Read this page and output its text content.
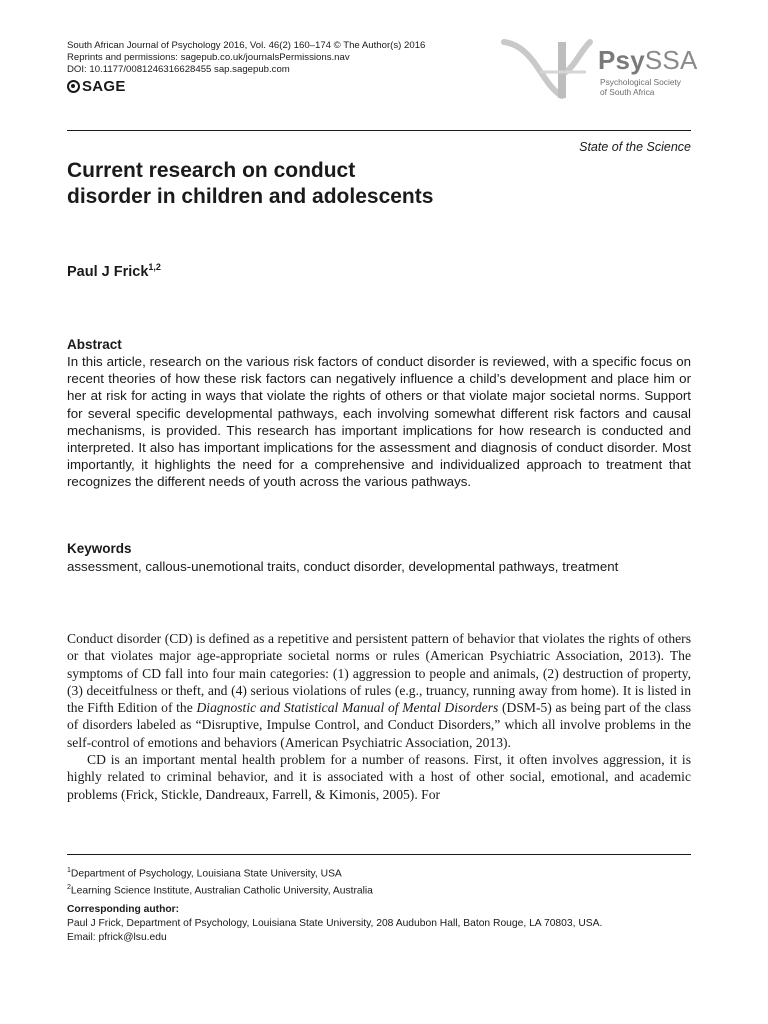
South African Journal of Psychology 2016, Vol. 46(2) 160–174 © The Author(s) 2016
Reprints and permissions: sagepub.co.uk/journalsPermissions.nav
DOI: 10.1177/0081246316628455 sap.sagepub.com
SAGE
PsySSA
Psychological Society
of South Africa
State of the Science
Current research on conduct
disorder in children and adolescents
Paul J Frick$^{1,2}$
Abstract

In this article, research on the various risk factors of conduct disorder is reviewed, with a specific focus on recent theories of how these risk factors can negatively influence a child’s development and place him or her at risk for acting in ways that violate the rights of others or that violate major societal norms. Support for several specific developmental pathways, each involving somewhat different risk factors and causal mechanisms, is provided. This research has important implications for how research is conducted and interpreted. It also has important implications for the assessment and diagnosis of conduct disorder. Most importantly, it highlights the need for a comprehensive and individualized approach to treatment that recognizes the different needs of youth across the various pathways.

Keywords
assessment, callous-unemotional traits, conduct disorder, developmental pathways, treatment

Conduct disorder (CD) is defined as a repetitive and persistent pattern of behavior that violates the rights of others or that violates major age-appropriate societal norms or rules (American Psychiatric Association, 2013). The symptoms of CD fall into four main categories: (1) aggression to people and animals, (2) destruction of property, (3) deceitfulness or theft, and (4) serious violations of rules (e.g., truancy, running away from home). It is listed in the Fifth Edition of the Diagnostic and Statistical Manual of Mental Disorders (DSM-5) as being part of the class of disorders labeled as “Disruptive, Impulse Control, and Conduct Disorders,” which all involve problems in the self-control of emotions and behaviors (American Psychiatric Association, 2013).

CD is an important mental health problem for a number of reasons. First, it often involves aggression, it is highly related to criminal behavior, and it is associated with a host of other social, emotional, and academic problems (Frick, Stickle, Dandreaux, Farrell, & Kimonis, 2005). For

$^1$Department of Psychology, Louisiana State University, USA
$^2$Learning Science Institute, Australian Catholic University, Australia
Corresponding author:
Paul J Frick, Department of Psychology, Louisiana State University, 208 Audubon Hall, Baton Rouge, LA 70803, USA.
Email: pfrick@lsu.edu
